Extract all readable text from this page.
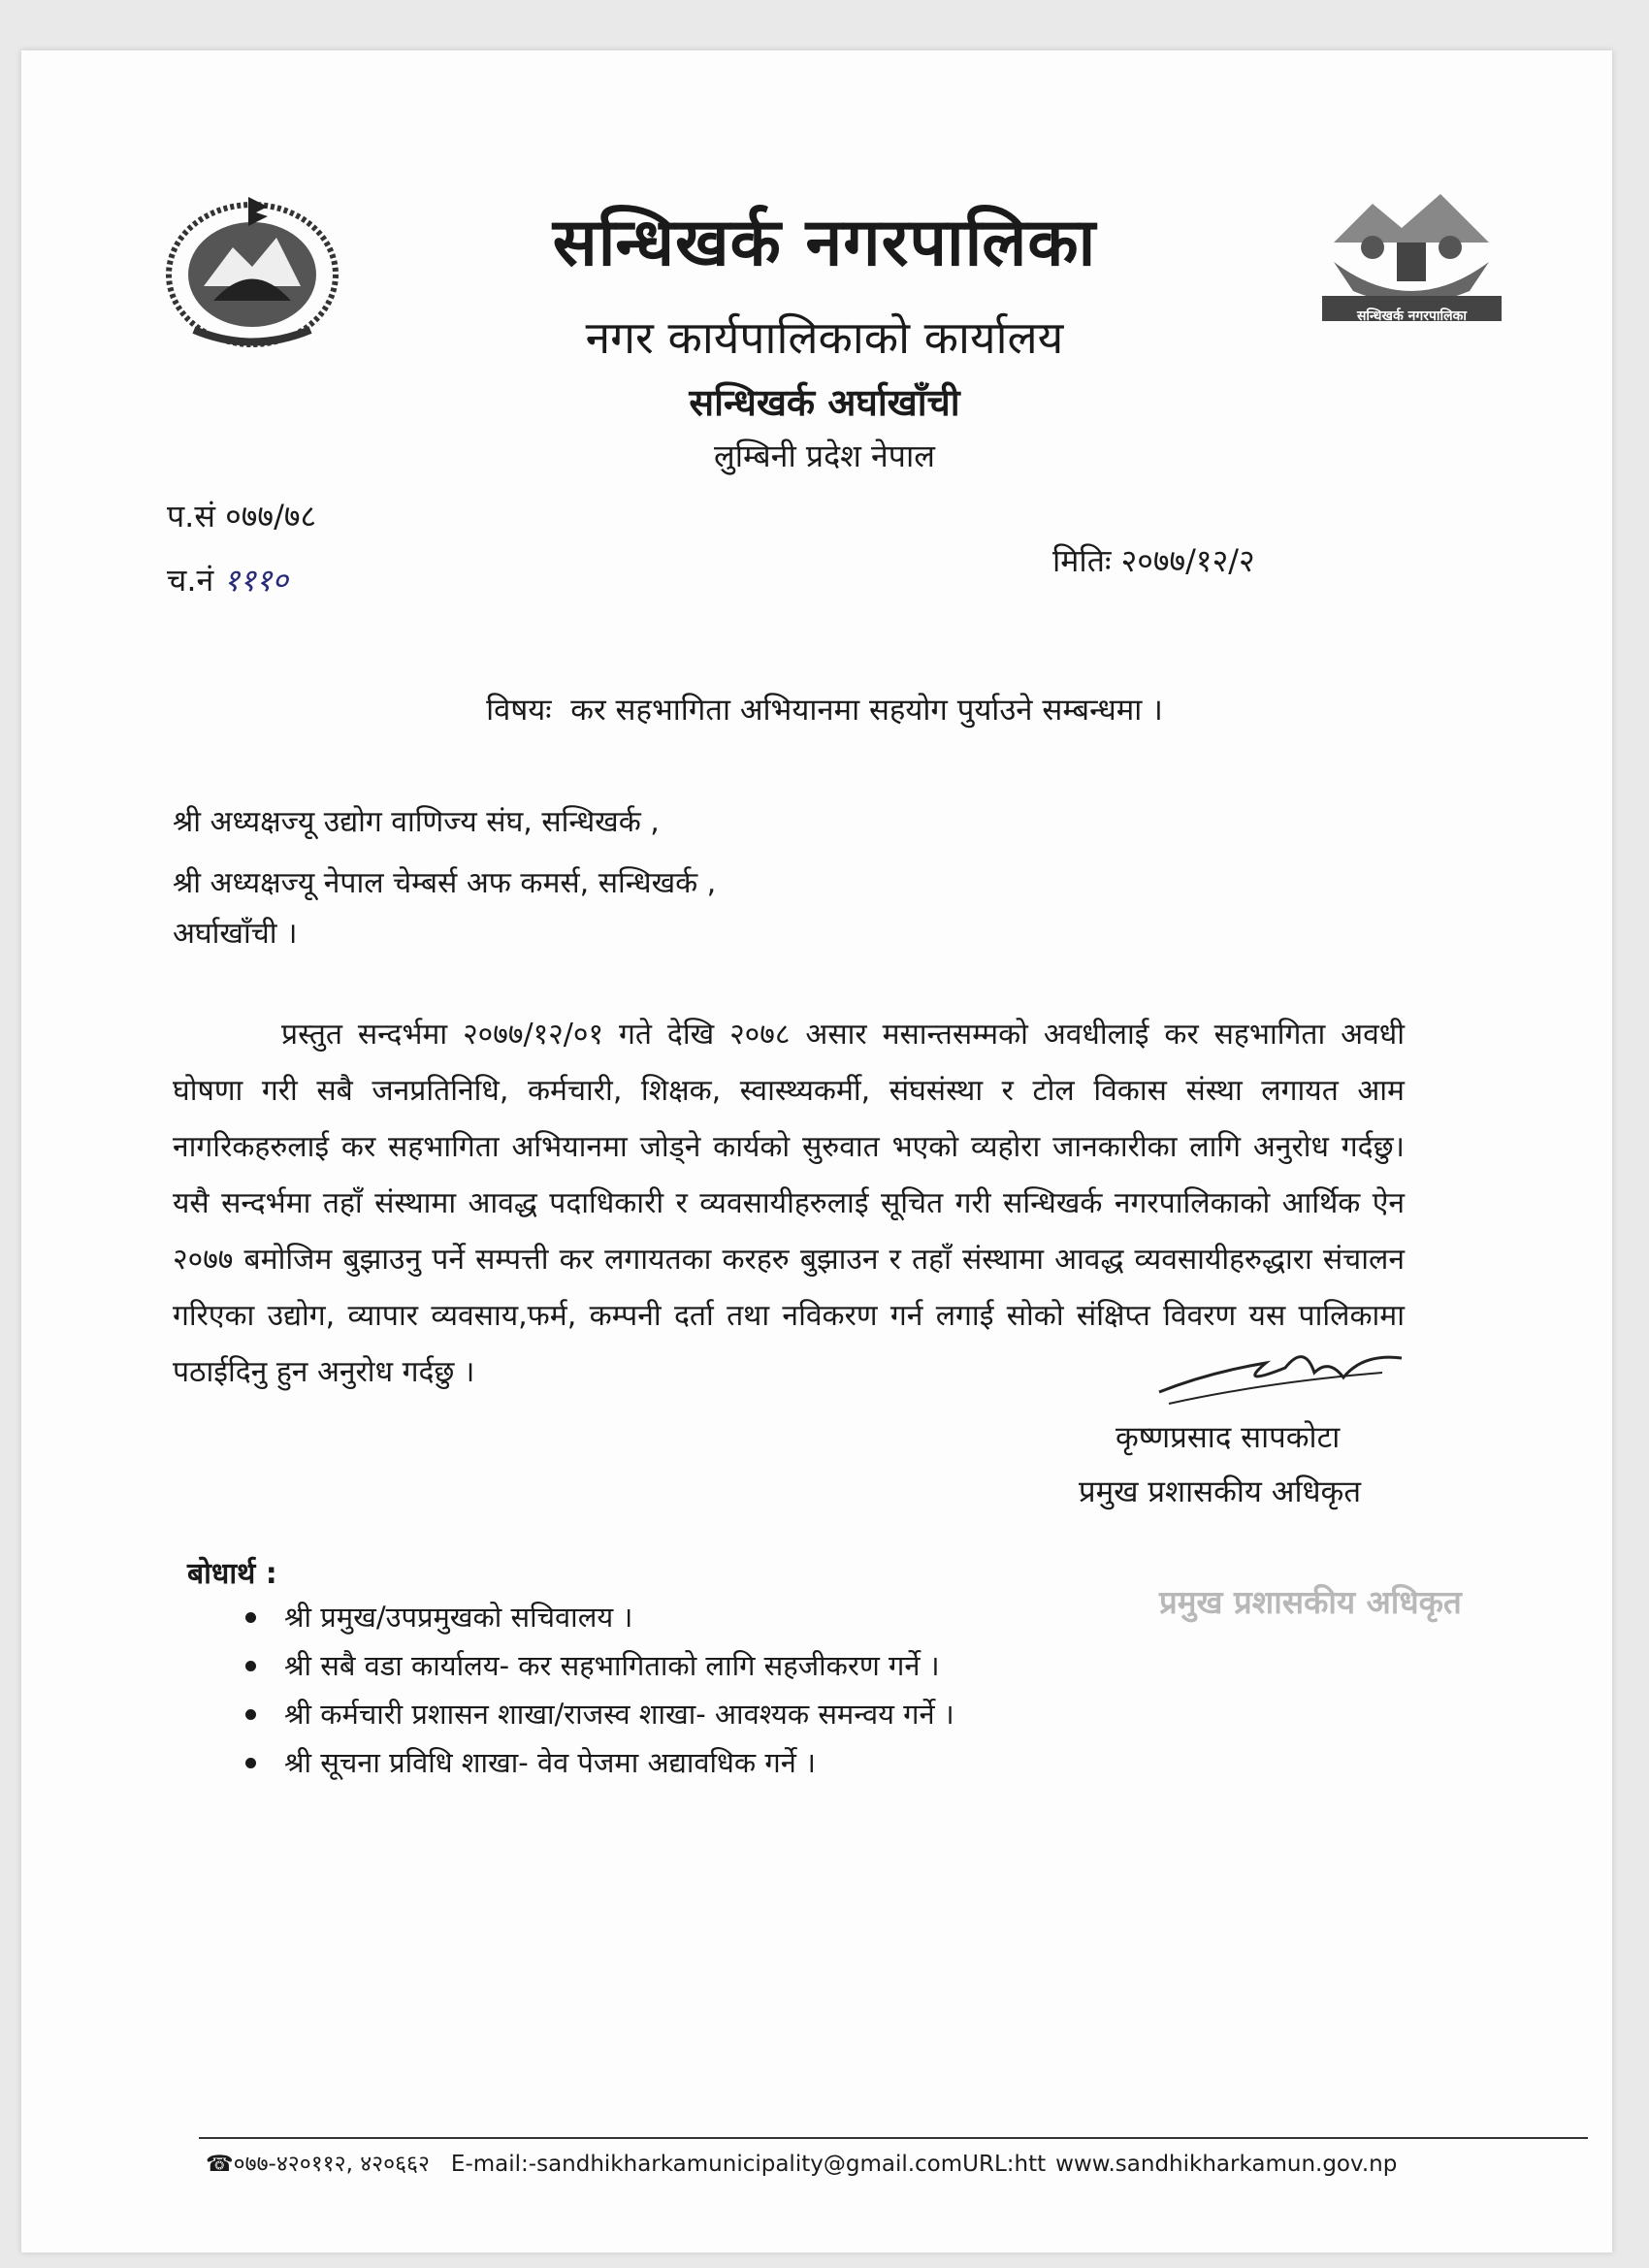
सन्धिखर्क नगरपालिका
सन्धिखर्क नगरपालिका
नगर कार्यपालिकाको कार्यालय
सन्धिखर्क अर्घाखाँची
लुम्बिनी प्रदेश नेपाल
प.सं ०७७/७८
च.नं १११०
मितिः २०७७/१२/२
विषयः कर सहभागिता अभियानमा सहयोग पुर्याउने सम्बन्धमा ।
श्री अध्यक्षज्यू उद्योग वाणिज्य संघ, सन्धिखर्क ,
श्री अध्यक्षज्यू नेपाल चेम्बर्स अफ कमर्स, सन्धिखर्क ,
अर्घाखाँची ।
प्रस्तुत सन्दर्भमा २०७७/१२/०१ गते देखि २०७८ असार मसान्तसम्मको अवधीलाई कर सहभागिता अवधी घोषणा गरी सबै जनप्रतिनिधि, कर्मचारी, शिक्षक, स्वास्थ्यकर्मी, संघसंस्था र टोल विकास संस्था लगायत आम नागरिकहरुलाई कर सहभागिता अभियानमा जोड्ने कार्यको सुरुवात भएको व्यहोरा जानकारीका लागि अनुरोध गर्दछु। यसै सन्दर्भमा तहाँ संस्थामा आवद्ध पदाधिकारी र व्यवसायीहरुलाई सूचित गरी सन्धिखर्क नगरपालिकाको आर्थिक ऐन २०७७ बमोजिम बुझाउनु पर्ने सम्पत्ती कर लगायतका करहरु बुझाउन र तहाँ संस्थामा आवद्ध व्यवसायीहरुद्धारा संचालन गरिएका उद्योग, व्यापार व्यवसाय,फर्म, कम्पनी दर्ता तथा नविकरण गर्न लगाई सोको संक्षिप्त विवरण यस पालिकामा पठाईदिनु हुन अनुरोध गर्दछु ।
कृष्णप्रसाद सापकोटा
प्रमुख प्रशासकीय अधिकृत
प्रमुख प्रशासकीय अधिकृत
बोधार्थ :
श्री प्रमुख/उपप्रमुखको सचिवालय ।
श्री सबै वडा कार्यालय- कर सहभागिताको लागि सहजीकरण गर्ने ।
श्री कर्मचारी प्रशासन शाखा/राजस्व शाखा- आवश्यक समन्वय गर्ने ।
श्री सूचना प्रविधि शाखा- वेव पेजमा अद्यावधिक गर्ने ।
☎०७७-४२०११२, ४२०६६२ E-mail:-sandhikharkamunicipality@gmail.comURL:htt www.sandhikharkamun.gov.np
